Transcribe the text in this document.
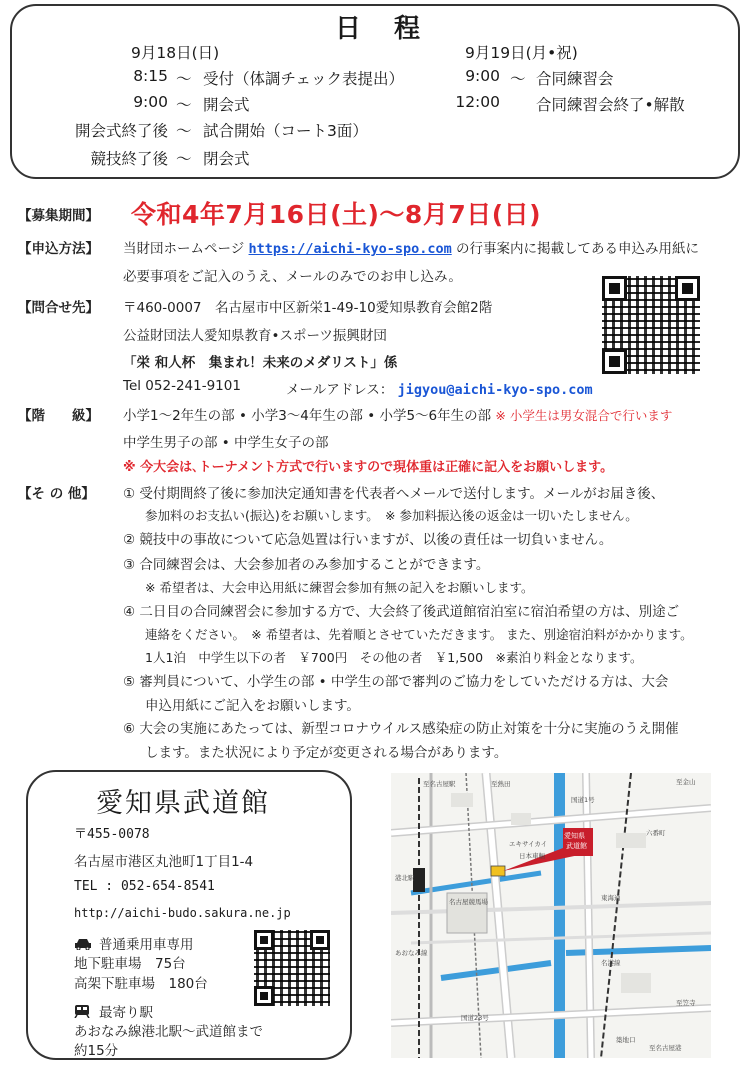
日 程
9月18日(日)
8:15 ～ 受付（体調チェック表提出）
9:00 ～ 開会式
開会式終了後 ～ 試合開始（コート3面）
競技終了後 ～ 閉会式
9月19日(月•祝)
9:00 ～ 合同練習会
12:00 合同練習会終了•解散
【募集期間】 令和4年7月16日(土)～8月7日(日)
【申込方法】 当財団ホームページ https://aichi-kyo-spo.com の行事案内に掲載してある申込み用紙に
必要事項をご記入のうえ、メールのみでのお申し込み。
【問合せ先】 〒460-0007　名古屋市中区新栄1-49-10愛知県教育会館2階
公益財団法人愛知県教育•スポーツ振興財団
「栄 和人杯　集まれ！未来のメダリスト」係
Tel 052-241-9101	メールアドレス： jigyou@aichi-kyo-spo.com
【階　　級】 小学1～2年生の部 • 小学3～4年生の部 • 小学5～6年生の部 ※ 小学生は男女混合で行います
中学生男子の部 • 中学生女子の部
※ 今大会は､トーナメント方式で行いますので現体重は正確に記入をお願いします。
【そ の 他】 ① 受付期間終了後に参加決定通知書を代表者へメールで送付します。メールがお届き後、
参加料のお支払い(振込)をお願いします。　※ 参加料振込後の返金は一切いたしません。
② 競技中の事故について応急処置は行いますが、以後の責任は一切負いません。
③ 合同練習会は、大会参加者のみ参加することができます。
※ 希望者は、大会申込用紙に練習会参加有無の記入をお願いします。
④ 二日目の合同練習会に参加する方で、大会終了後武道館宿泊室に宿泊希望の方は、別途ご
連絡をください。　※ 希望者は、先着順とさせていただきます。 また、別途宿泊料がかかります。
1人1泊　中学生以下の者　￥700円　その他の者　￥1,500　※素泊り料金となります。
⑤ 審判員について、小学生の部 • 中学生の部で審判のご協力をしていただける方は、大会
申込用紙にご記入をお願いします。
⑥ 大会の実施にあたっては、新型コロナウイルス感染症の防止対策を十分に実施のうえ開催
します。また状況により予定が変更される場合があります。
愛知県武道館
〒455-0078
名古屋市港区丸池町1丁目1-4
TEL : 052-654-8541
http://aichi-budo.sakura.ne.jp
普通乗用車専用
地下駐車場　75台
高架下駐車場　180台
最寄り駅
あおなみ線港北駅～武道館まで
約15分
至名古屋駅	至熱田	至金山
国道1号
六番町
エキサイカイ
日本車輛
愛知県
武道館
港北駅
名古屋競馬場	東海通
国道23号
至笠寺
至名古屋港
築地口
名港線
あおなみ線
